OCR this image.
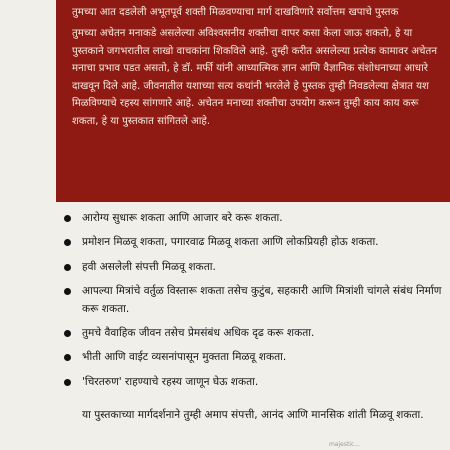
तुमच्या आत दडलेली अभूतपूर्व शक्ती मिळवण्याचा मार्ग दाखविणारे सर्वोत्तम खपाचे पुस्तक

तुमच्या अचेतन मनाकडे असलेल्या अविश्‍वसनीय शक्तीचा वापर कसा केला जाऊ शकतो, हे या पुस्तकाने जगभरातील लाखो वाचकांना शिकविले आहे. तुम्ही करीत असलेल्या प्रत्येक कामावर अचेतन मनाचा प्रभाव पडत असतो, हे डॉ. मर्फी यांनी आध्यात्मिक ज्ञान आणि वैज्ञानिक संशोधनाच्या आधारे दाखवून दिले आहे. जीवनातील यशाच्या सत्य कथांनी भरलेले हे पुस्तक तुम्ही निवडलेल्या क्षेत्रात यश मिळविण्याचे रहस्य सांगणारे आहे. अचेतन मनाच्या शक्तीचा उपयोग करून तुम्ही काय काय करू शकता, हे या पुस्तकात सांगितले आहे.

आरोग्य सुधारू शकता आणि आजार बरे करू शकता.
प्रमोशन मिळवू शकता, पगारवाढ मिळवू शकता आणि लोकप्रियही होऊ शकता.
हवी असलेली संपत्ती मिळवू शकता.
आपल्या मित्रांचे वर्तुळ विस्तारू शकता तसेच कुटुंब, सहकारी आणि मित्रांशी चांगले संबंध निर्माण करू शकता.
तुमचे वैवाहिक जीवन तसेच प्रेमसंबंध अधिक दृढ करू शकता.
भीती आणि वाईट व्यसनांपासून मुक्तता मिळवू शकता.
'चिरतरुण' राहण्याचे रहस्य जाणून घेऊ शकता.

या पुस्तकाच्या मार्गदर्शनाने तुम्ही अमाप संपत्ती, आनंद आणि मानसिक शांती मिळवू शकता.

majestic...
